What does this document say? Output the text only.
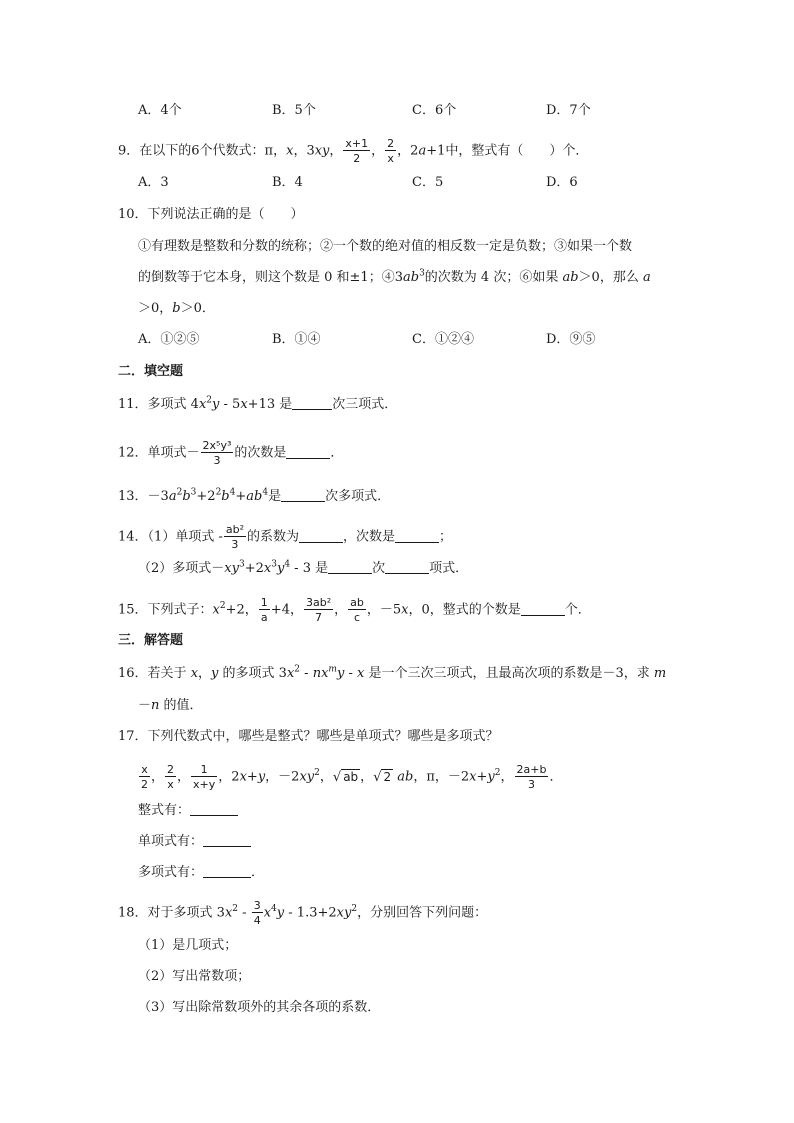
A．4个	B．5个	C．6个	D．7个
9．在以下的6个代数式：π，x，3xy， $\frac{x+1}{2}$ ， $\frac{2}{x}$ ，2a+1中，整式有（　　）个．
A．3	B．4	C．5	D．6
10．下列说法正确的是（　　）
①有理数是整数和分数的统称；②一个数的绝对值的相反数一定是负数；③如果一个数
的倒数等于它本身，则这个数是 0 和±1；$④3ab^3$的次数为 4 次；⑥如果 ab＞0，那么 a
＞0，b＞0．
A．①②⑤	B．①④	C．①②④	D．⑨⑤
二．填空题
11．多项式 $4x^2y - 5x+13$ 是	次三项式．
12．单项式－ $\frac{\text{2x⁵y³}}{3}$ 的次数是	．
13．$-3a^2b^3+2^2b^4+ab^4$是	次多项式．
14．（1）单项式 - $\frac{\text{ab²}}{3}$ 的系数为	，次数是	；
（2）多项式$-xy^3+2x^3y^4 - 3$ 是	次	项式．
15．下列式子：$x^2+2$， $\frac{1}{a} +4$， $\frac{\text{3ab²}}{7}$ ， $\frac{ab}{c}$ ，－5x，0，整式的个数是	个．
三．解答题
16．若关于 x，y 的多项式 $3x^2 - nx^my$ - x 是一个三次三项式，且最高次项的系数是－3，求 m
－n 的值．
17．下列代数式中，哪些是整式？哪些是单项式？哪些是多项式？
$\frac{x}{2}$ ， $\frac{2}{x}$ ， $\frac{1}{x+y}$ ，2x+y，$-2xy^2$，√ ab ，√ 2 ab，π，$-2x+y^2$， $\frac{2a+b}{3}$ ．
整式有：
单项式有：
多项式有：	．
18．对于多项式 $3x^2 - \frac{3}{4} x^4y - 1.3+2xy^2$，分别回答下列问题：
（1）是几项式；
（2）写出常数项；
（3）写出除常数项外的其余各项的系数．
